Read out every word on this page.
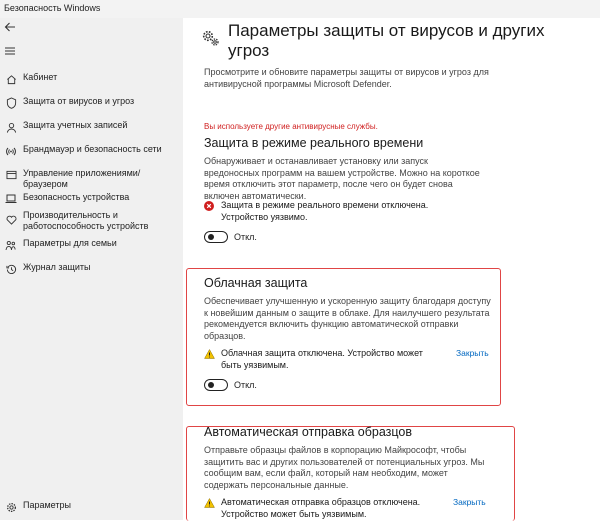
Безопасность Windows
Кабинет
Защита от вирусов и угроз
Защита учетных записей
Брандмауэр и безопасность сети
Управление приложениями/браузером
Безопасность устройства
Производительность и
работоспособность устройств
Параметры для семьи
Журнал защиты
Параметры
Параметры защиты от вирусов и других угроз
Просмотрите и обновите параметры защиты от вирусов и угроз для антивирусной программы Microsoft Defender.
Вы используете другие антивирусные службы.
Защита в режиме реального времени
Обнаруживает и останавливает установку или запуск вредоносных программ на вашем устройстве. Можно на короткое время отключить этот параметр, после чего он будет снова включен автоматически.
Защита в режиме реального времени отключена. Устройство уязвимо.
Откл.
Облачная защита
Обеспечивает улучшенную и ускоренную защиту благодаря доступу к новейшим данным о защите в облаке. Для наилучшего результата рекомендуется включить функцию автоматической отправки образцов.
Облачная защита отключена. Устройство может быть уязвимым.
Закрыть
Откл.
Автоматическая отправка образцов
Отправьте образцы файлов в корпорацию Майкрософт, чтобы защитить вас и других пользователей от потенциальных угроз. Мы сообщим вам, если файл, который нам необходим, может содержать персональные данные.
Автоматическая отправка образцов отключена. Устройство может быть уязвимым.
Закрыть
